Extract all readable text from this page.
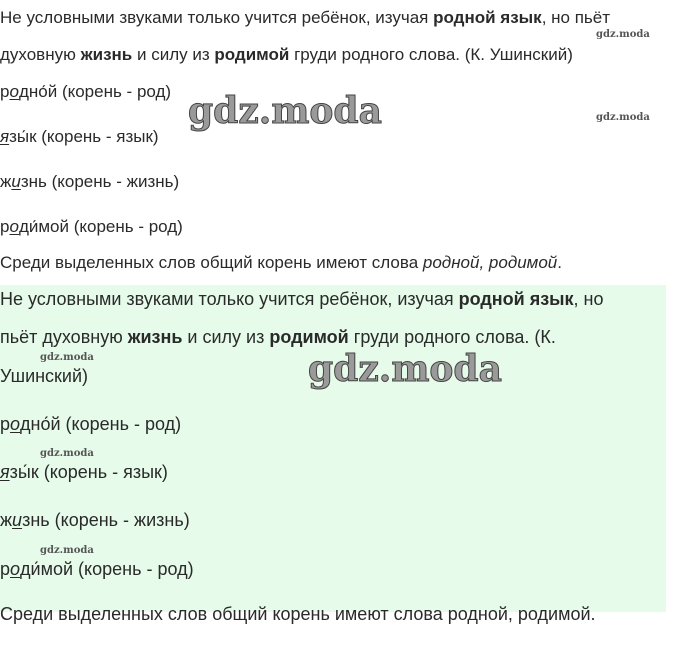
Не условными звуками только учится ребёнок, изучая родной язык, но пьёт
духовную жизнь и силу из родимой груди родного слова. (К. Ушинский)
родно́й (корень - род)
язы́к (корень - язык)
жизнь (корень - жизнь)
роди́мой (корень - род)
Среди выделенных слов общий корень имеют слова родной, родимой.
Не условными звуками только учится ребёнок, изучая родной язык, но
пьёт духовную жизнь и силу из родимой груди родного слова. (К.
Ушинский)
родно́й (корень - род)
язы́к (корень - язык)
жизнь (корень - жизнь)
роди́мой (корень - род)
Среди выделенных слов общий корень имеют слова родной, родимой.
gdz.moda
gdz.moda
gdz.moda
gdz.moda
gdz.moda
gdz.moda
gdz.moda
